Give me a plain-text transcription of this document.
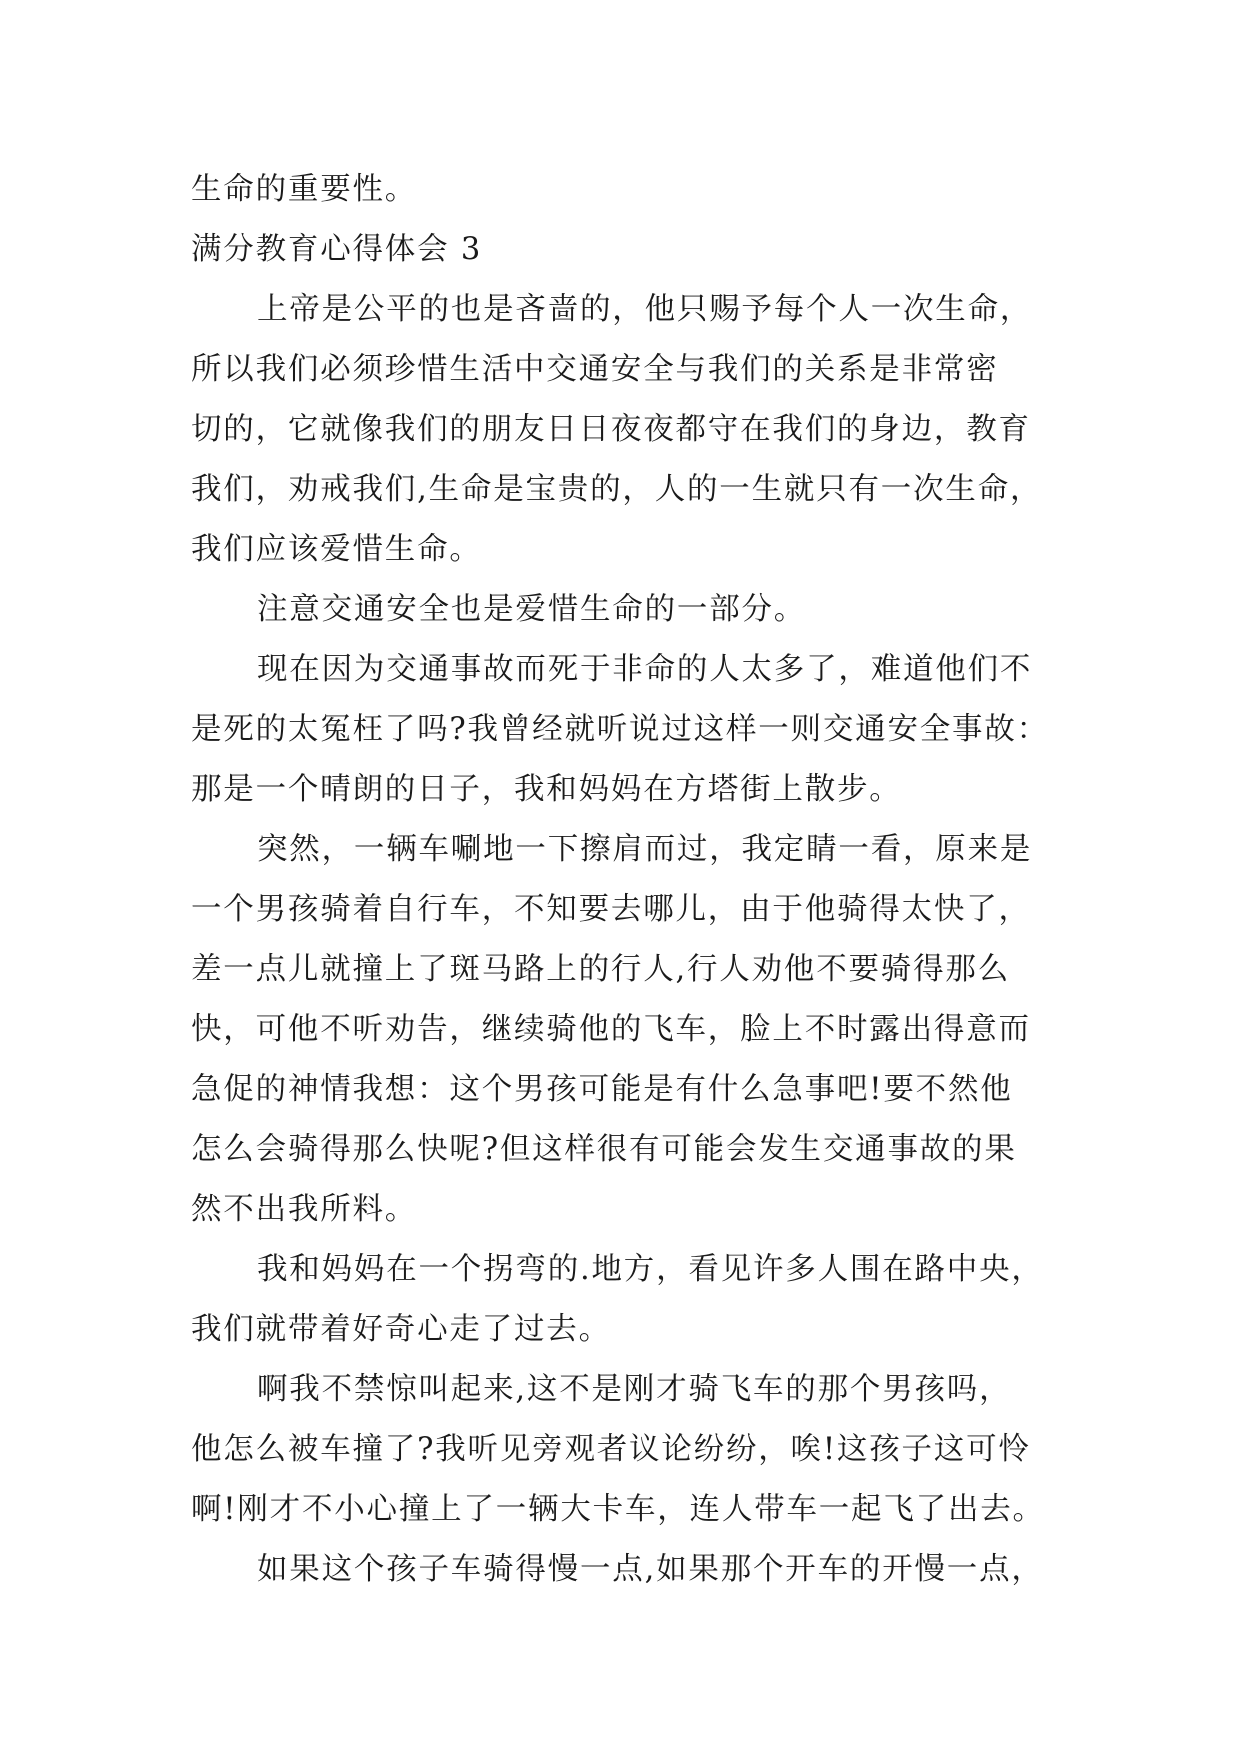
生命的重要性。
满分教育心得体会 3
上帝是公平的也是吝啬的，他只赐予每个人一次生命，
所以我们必须珍惜生活中交通安全与我们的关系是非常密
切的，它就像我们的朋友日日夜夜都守在我们的身边，教育
我们，劝戒我们,生命是宝贵的，人的一生就只有一次生命，
我们应该爱惜生命。
注意交通安全也是爱惜生命的一部分。
现在因为交通事故而死于非命的人太多了，难道他们不
是死的太冤枉了吗?我曾经就听说过这样一则交通安全事故：
那是一个晴朗的日子，我和妈妈在方塔街上散步。
突然，一辆车唰地一下擦肩而过，我定睛一看，原来是
一个男孩骑着自行车，不知要去哪儿，由于他骑得太快了，
差一点儿就撞上了斑马路上的行人,行人劝他不要骑得那么
快，可他不听劝告，继续骑他的飞车，脸上不时露出得意而
急促的神情我想：这个男孩可能是有什么急事吧!要不然他
怎么会骑得那么快呢?但这样很有可能会发生交通事故的果
然不出我所料。
我和妈妈在一个拐弯的.地方，看见许多人围在路中央，
我们就带着好奇心走了过去。
啊我不禁惊叫起来,这不是刚才骑飞车的那个男孩吗，
他怎么被车撞了?我听见旁观者议论纷纷，唉!这孩子这可怜
啊!刚才不小心撞上了一辆大卡车，连人带车一起飞了出去。
如果这个孩子车骑得慢一点,如果那个开车的开慢一点，
